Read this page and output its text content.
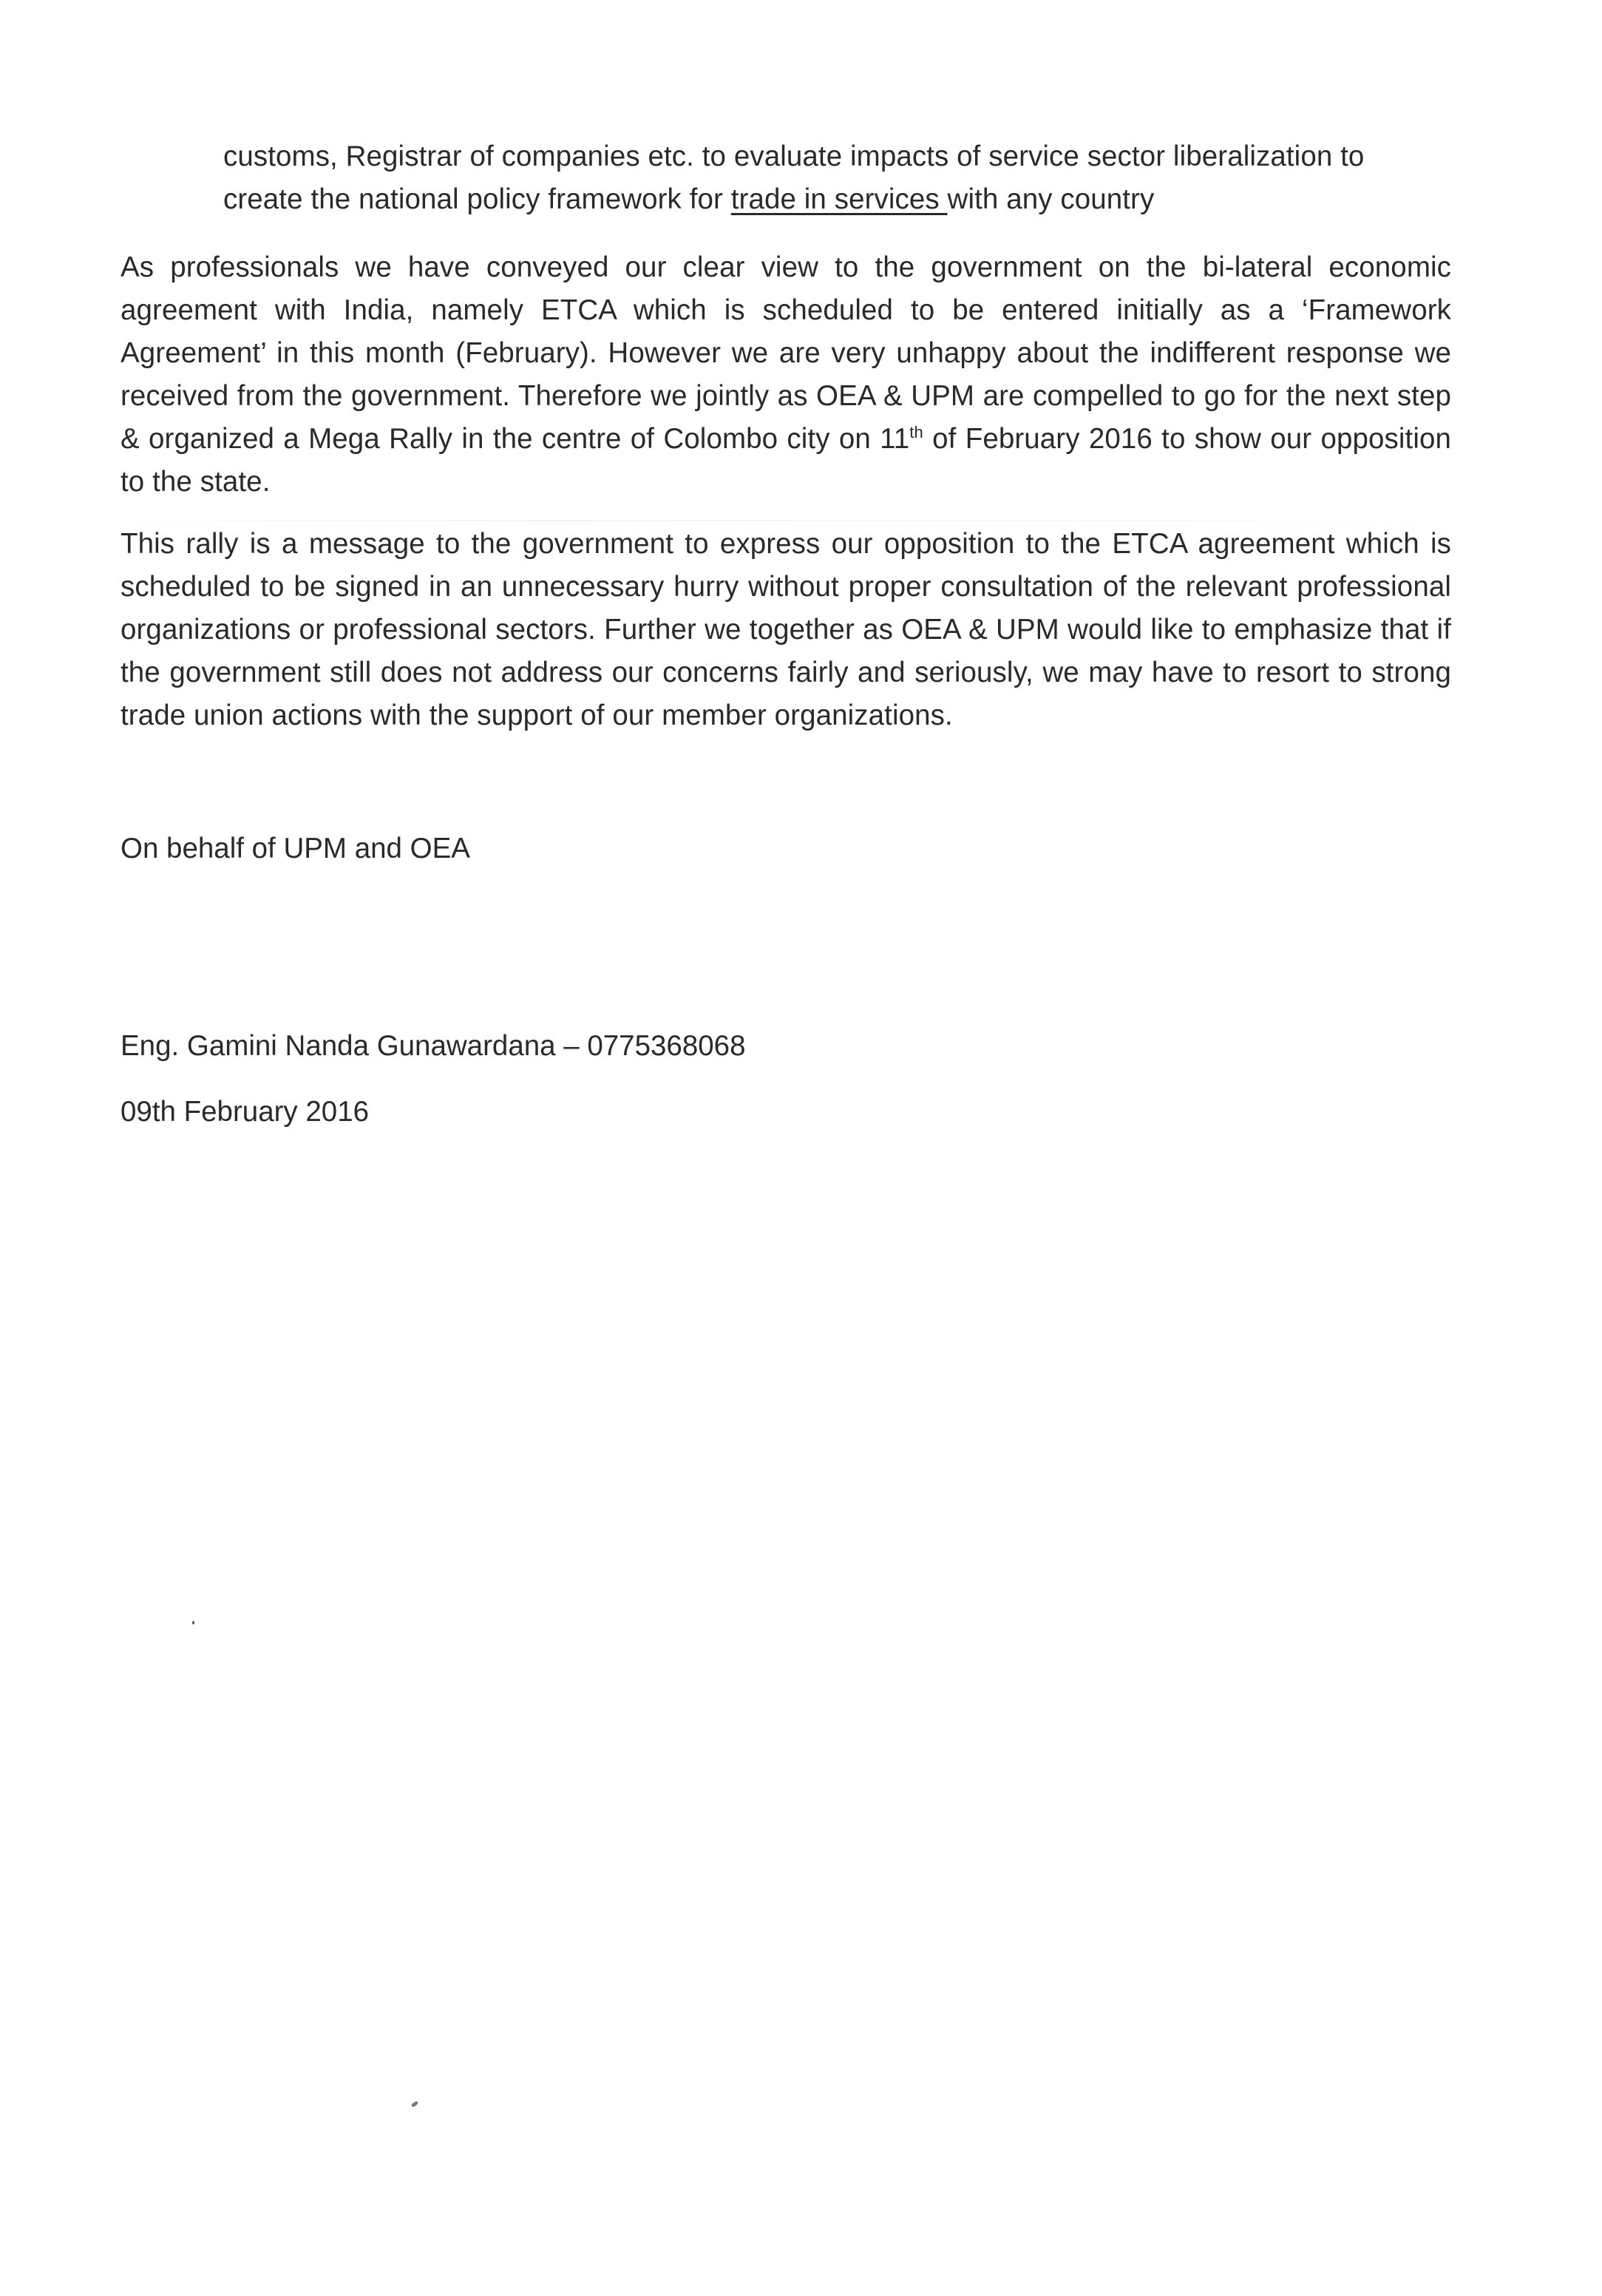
customs, Registrar of companies etc. to evaluate impacts of service sector liberalization to
create the national policy framework for trade in services with any country
As professionals we have conveyed our clear view to the government on the bi-lateral economic agreement with India, namely ETCA which is scheduled to be entered initially as a ‘Framework Agreement’ in this month (February). However we are very unhappy about the indifferent response we received from the government. Therefore we jointly as OEA & UPM are compelled to go for the next step & organized a Mega Rally in the centre of Colombo city on 11th of February 2016 to show our opposition to the state.
This rally is a message to the government to express our opposition to the ETCA agreement which is scheduled to be signed in an unnecessary hurry without proper consultation of the relevant professional organizations or professional sectors. Further we together as OEA & UPM would like to emphasize that if the government still does not address our concerns fairly and seriously, we may have to resort to strong trade union actions with the support of our member organizations.
On behalf of UPM and OEA
Eng. Gamini Nanda Gunawardana – 0775368068
09th February 2016
